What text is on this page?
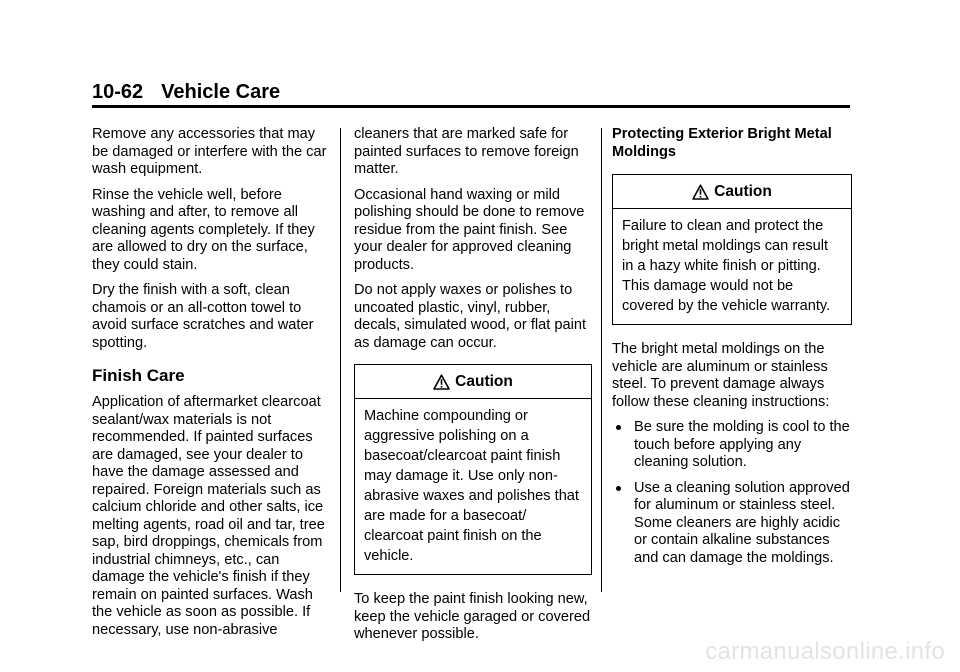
10-62 Vehicle Care

Remove any accessories that may be damaged or interfere with the car wash equipment.

Rinse the vehicle well, before washing and after, to remove all cleaning agents completely. If they are allowed to dry on the surface, they could stain.

Dry the finish with a soft, clean chamois or an all-cotton towel to avoid surface scratches and water spotting.

Finish Care

Application of aftermarket clearcoat sealant/wax materials is not recommended. If painted surfaces are damaged, see your dealer to have the damage assessed and repaired. Foreign materials such as calcium chloride and other salts, ice melting agents, road oil and tar, tree sap, bird droppings, chemicals from industrial chimneys, etc., can damage the vehicle's finish if they remain on painted surfaces. Wash the vehicle as soon as possible. If necessary, use non-abrasive

cleaners that are marked safe for painted surfaces to remove foreign matter.

Occasional hand waxing or mild polishing should be done to remove residue from the paint finish. See your dealer for approved cleaning products.

Do not apply waxes or polishes to uncoated plastic, vinyl, rubber, decals, simulated wood, or flat paint as damage can occur.

Caution
Machine compounding or aggressive polishing on a basecoat/clearcoat paint finish may damage it. Use only non-abrasive waxes and polishes that are made for a basecoat/ clearcoat paint finish on the vehicle.

To keep the paint finish looking new, keep the vehicle garaged or covered whenever possible.

Protecting Exterior Bright Metal Moldings

Caution
Failure to clean and protect the bright metal moldings can result in a hazy white finish or pitting. This damage would not be covered by the vehicle warranty.

The bright metal moldings on the vehicle are aluminum or stainless steel. To prevent damage always follow these cleaning instructions:

Be sure the molding is cool to the touch before applying any cleaning solution.
Use a cleaning solution approved for aluminum or stainless steel. Some cleaners are highly acidic or contain alkaline substances and can damage the moldings.
carmanualsonline.info
